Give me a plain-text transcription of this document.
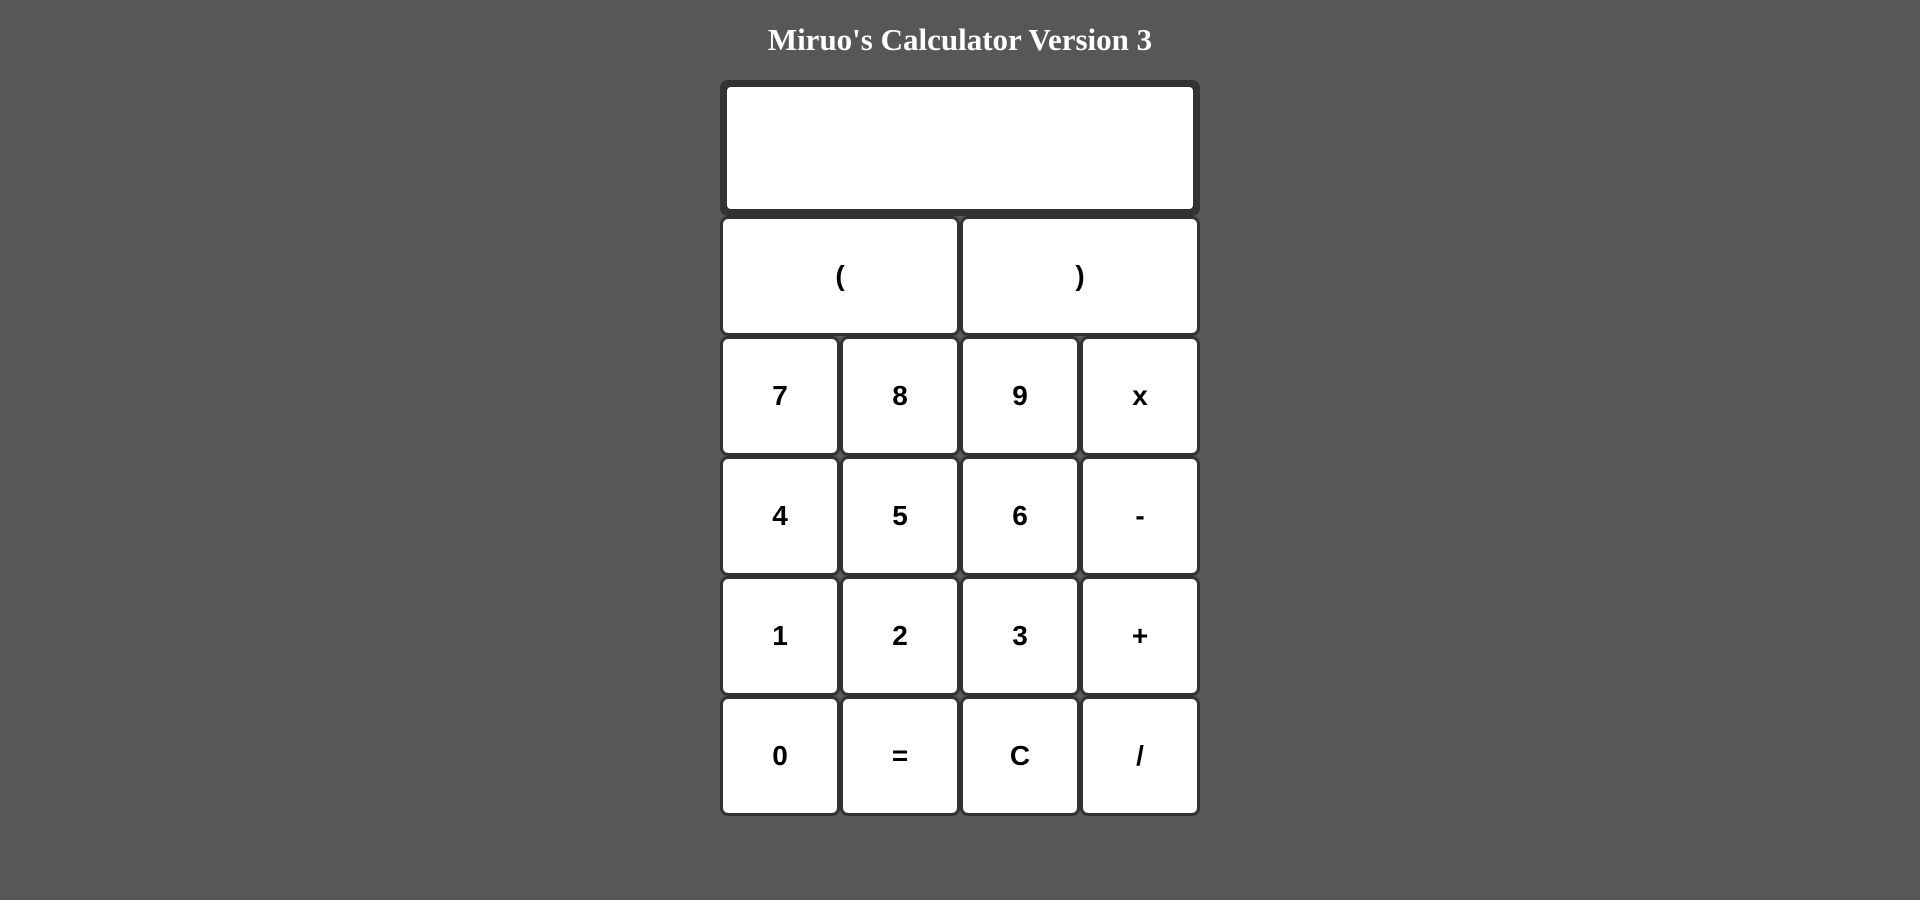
Miruo's Calculator Version 3
(	)
7	8	9	x
4	5	6	-
1	2	3	+
0	=	C	/
